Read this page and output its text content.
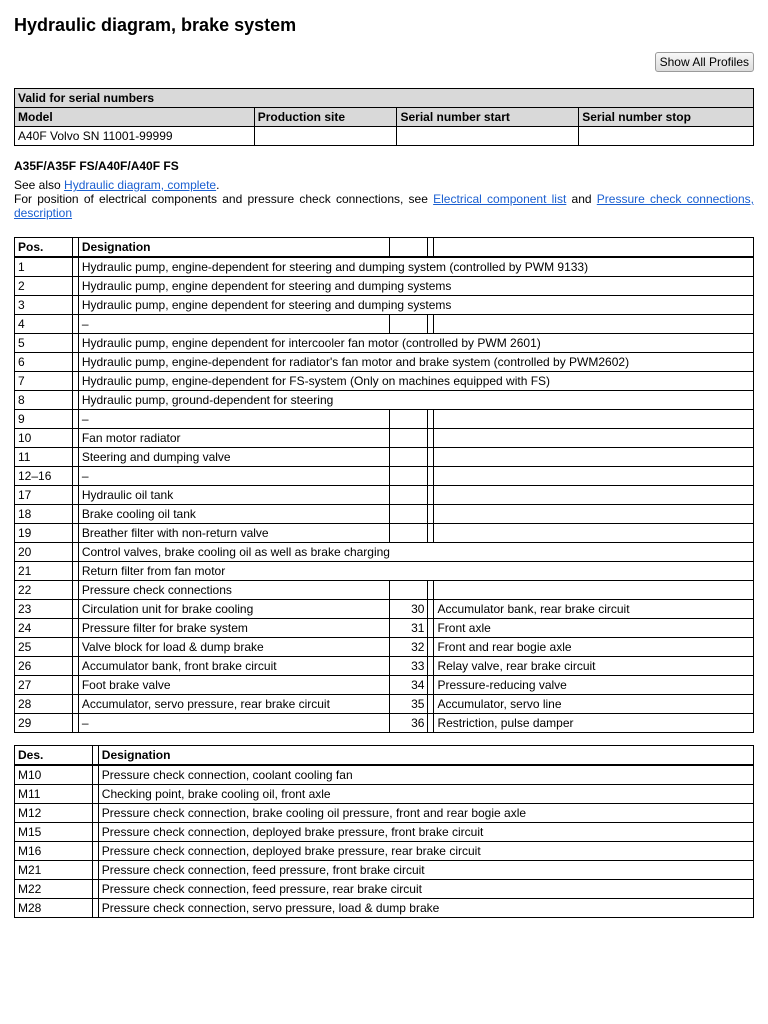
Hydraulic diagram, brake system
Show All Profiles
Valid for serial numbers			
Model	Production site	Serial number start	Serial number stop
A40F Volvo SN 11001-99999			
A35F/A35F FS/A40F/A40F FS
See also Hydraulic diagram, complete.
For position of electrical components and pressure check connections, see Electrical component list and Pressure check connections, description
Pos.		Designation			
1		Hydraulic pump, engine-dependent for steering and dumping system (controlled by PWM 9133)			
2		Hydraulic pump, engine dependent for steering and dumping systems			
3		Hydraulic pump, engine dependent for steering and dumping systems			
4		–			
5		Hydraulic pump, engine dependent for intercooler fan motor (controlled by PWM 2601)			
6		Hydraulic pump, engine-dependent for radiator's fan motor and brake system (controlled by PWM2602)			
7		Hydraulic pump, engine-dependent for FS-system (Only on machines equipped with FS)			
8		Hydraulic pump, ground-dependent for steering			
9		–			
10		Fan motor radiator			
11		Steering and dumping valve			
12–16		–			
17		Hydraulic oil tank			
18		Brake cooling oil tank			
19		Breather filter with non-return valve			
20		Control valves, brake cooling oil as well as brake charging			
21		Return filter from fan motor			
22		Pressure check connections			
23		Circulation unit for brake cooling	30		Accumulator bank, rear brake circuit
24		Pressure filter for brake system	31		Front axle
25		Valve block for load & dump brake	32		Front and rear bogie axle
26		Accumulator bank, front brake circuit	33		Relay valve, rear brake circuit
27		Foot brake valve	34		Pressure-reducing valve
28		Accumulator, servo pressure, rear brake circuit	35		Accumulator, servo line
29		–	36		Restriction, pulse damper
Des.		Designation
M10		Pressure check connection, coolant cooling fan
M11		Checking point, brake cooling oil, front axle
M12		Pressure check connection, brake cooling oil pressure, front and rear bogie axle
M15		Pressure check connection, deployed brake pressure, front brake circuit
M16		Pressure check connection, deployed brake pressure, rear brake circuit
M21		Pressure check connection, feed pressure, front brake circuit
M22		Pressure check connection, feed pressure, rear brake circuit
M28		Pressure check connection, servo pressure, load & dump brake
